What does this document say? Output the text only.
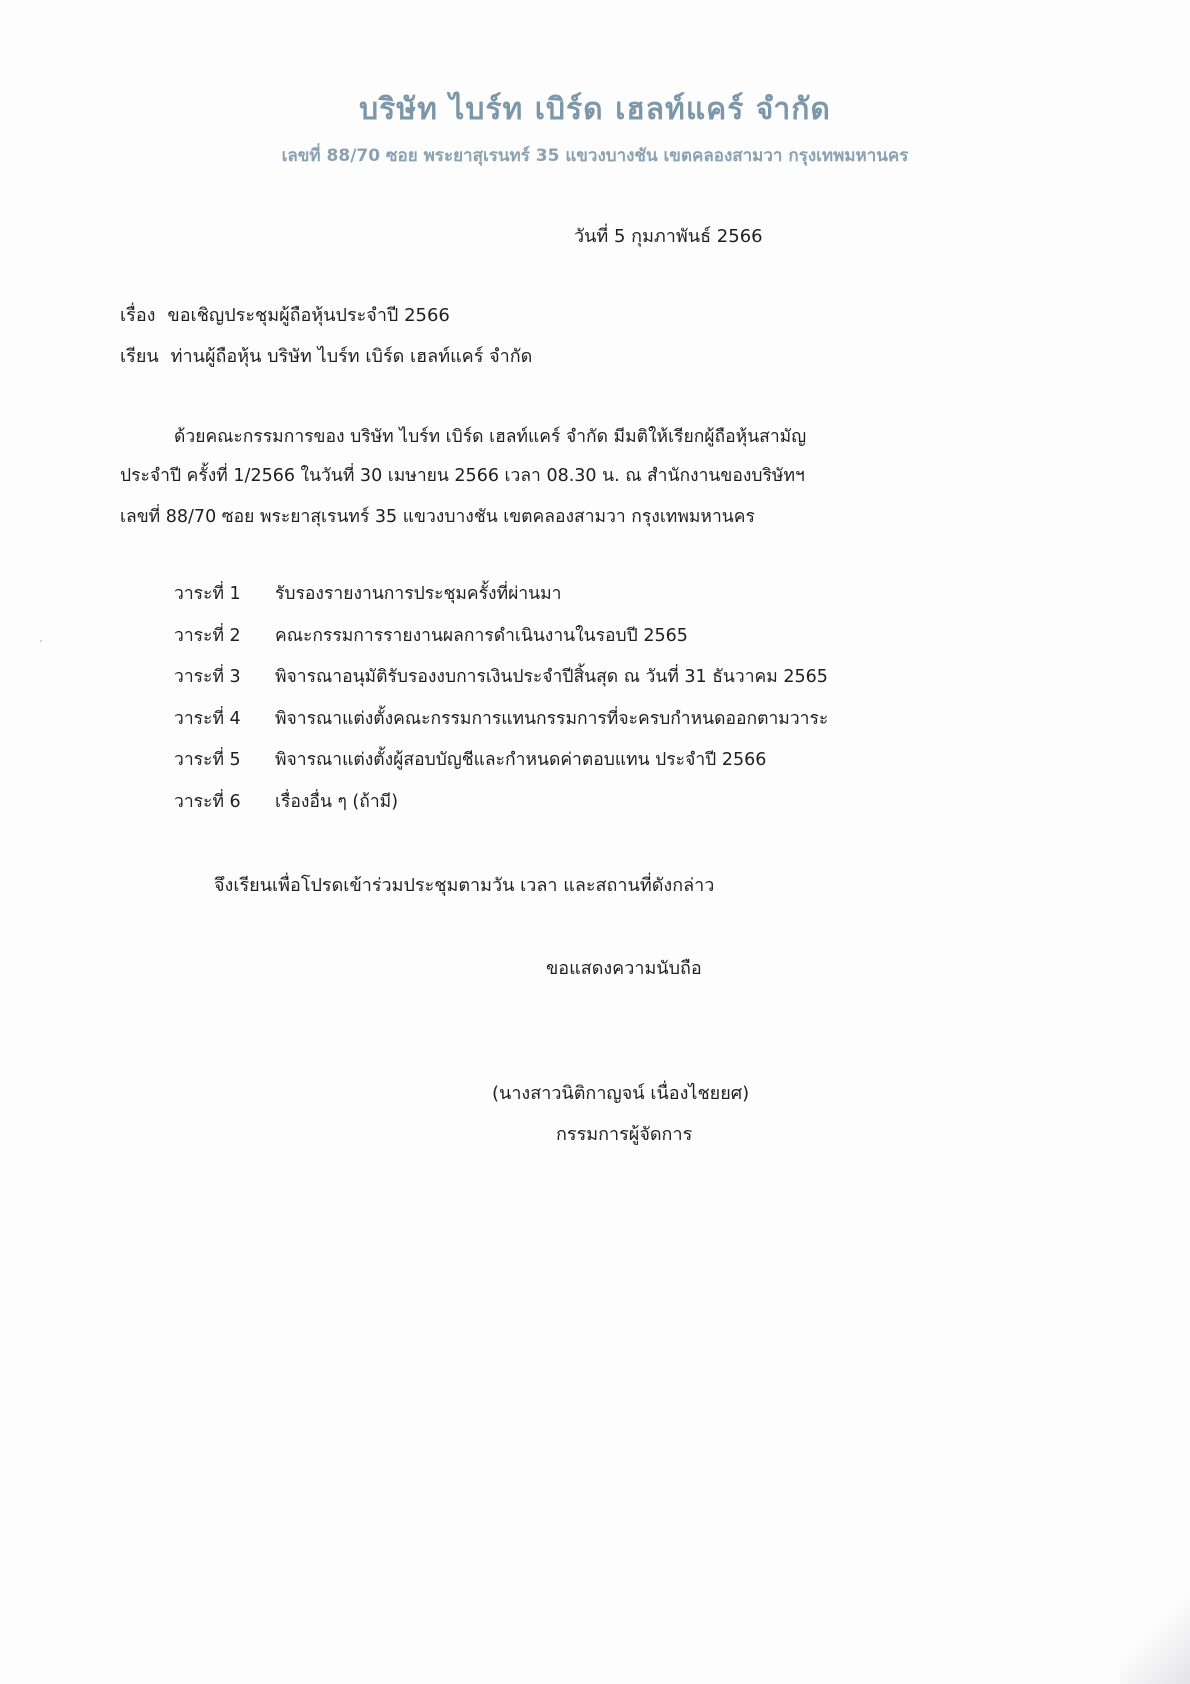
บริษัท ไบร์ท เบิร์ด เฮลท์แคร์ จำกัด
เลขที่ 88/70 ซอย พระยาสุเรนทร์ 35 แขวงบางชัน เขตคลองสามวา กรุงเทพมหานคร
วันที่ 5 กุมภาพันธ์ 2566
เรื่อง ขอเชิญประชุมผู้ถือหุ้นประจำปี 2566
เรียน ท่านผู้ถือหุ้น บริษัท ไบร์ท เบิร์ด เฮลท์แคร์ จำกัด
ด้วยคณะกรรมการของ บริษัท ไบร์ท เบิร์ด เฮลท์แคร์ จำกัด มีมติให้เรียกผู้ถือหุ้นสามัญ
ประจำปี ครั้งที่ 1/2566 ในวันที่ 30 เมษายน 2566 เวลา 08.30 น. ณ สำนักงานของบริษัทฯ
เลขที่ 88/70 ซอย พระยาสุเรนทร์ 35 แขวงบางชัน เขตคลองสามวา กรุงเทพมหานคร
วาระที่ 1 รับรองรายงานการประชุมครั้งที่ผ่านมา
วาระที่ 2 คณะกรรมการรายงานผลการดำเนินงานในรอบปี 2565
วาระที่ 3 พิจารณาอนุมัติรับรองงบการเงินประจำปีสิ้นสุด ณ วันที่ 31 ธันวาคม 2565
วาระที่ 4 พิจารณาแต่งตั้งคณะกรรมการแทนกรรมการที่จะครบกำหนดออกตามวาระ
วาระที่ 5 พิจารณาแต่งตั้งผู้สอบบัญชีและกำหนดค่าตอบแทน ประจำปี 2566
วาระที่ 6 เรื่องอื่น ๆ (ถ้ามี)
จึงเรียนเพื่อโปรดเข้าร่วมประชุมตามวัน เวลา และสถานที่ดังกล่าว
ขอแสดงความนับถือ
(นางสาวนิติกาญจน์ เนื่องไชยยศ)
กรรมการผู้จัดการ
